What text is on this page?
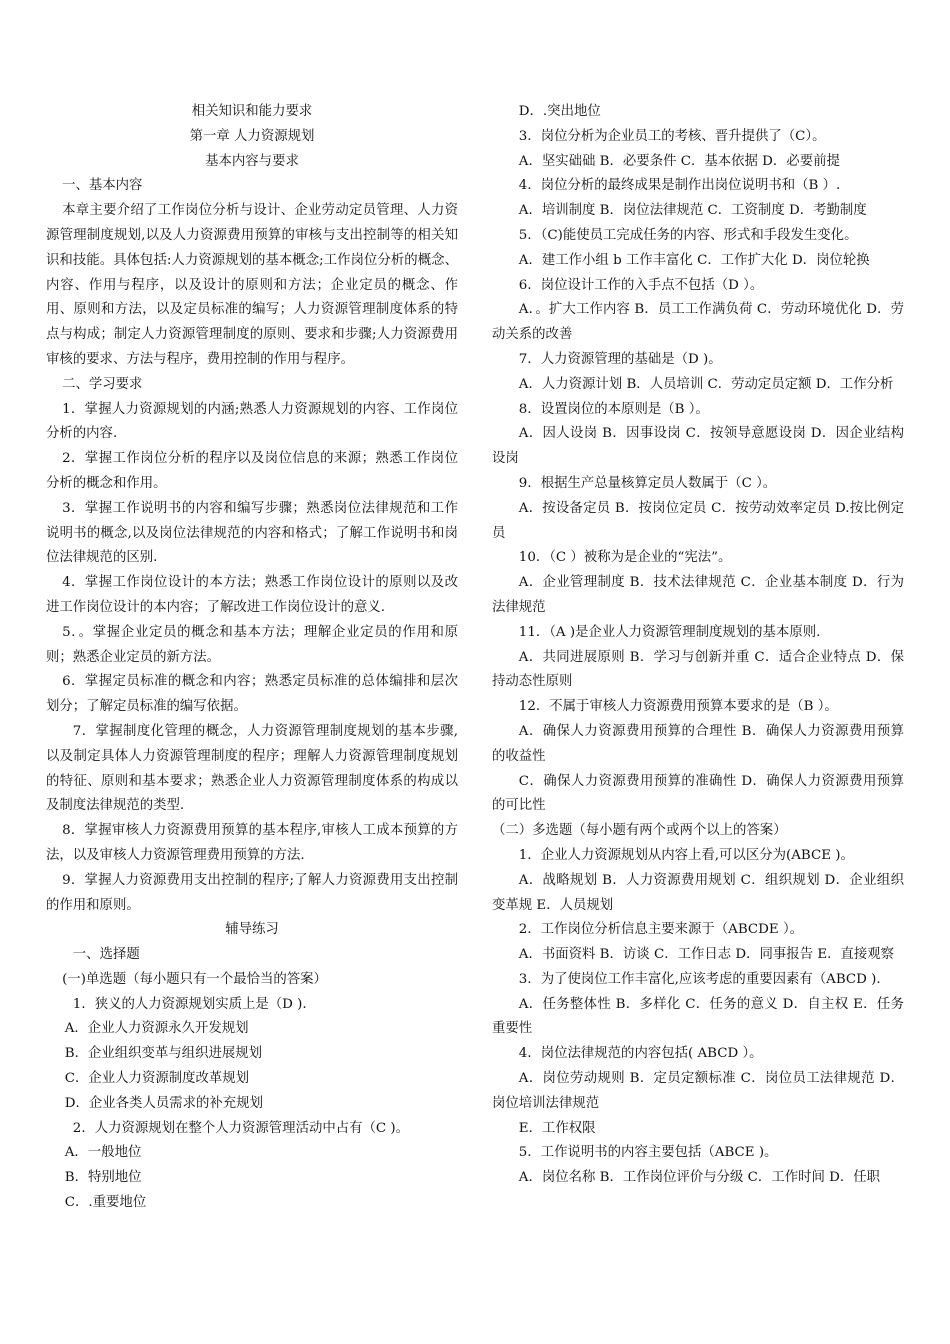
相关知识和能力要求
第一章 人力资源规划
基本内容与要求
一、基本内容
本章主要介绍了工作岗位分析与设计、企业劳动定员管理、人力资源管理制度规划,以及人力资源费用预算的审核与支出控制等的相关知识和技能。具体包括:人力资源规划的基本概念;工作岗位分析的概念、内容、作用与程序，以及设计的原则和方法；企业定员的概念、作用、原则和方法，以及定员标准的编写；人力资源管理制度体系的特点与构成；制定人力资源管理制度的原则、要求和步骤;人力资源费用审核的要求、方法与程序，费用控制的作用与程序。
二、学习要求
1．掌握人力资源规划的内涵;熟悉人力资源规划的内容、工作岗位分析的内容.
2．掌握工作岗位分析的程序以及岗位信息的来源；熟悉工作岗位分析的概念和作用。
3．掌握工作说明书的内容和编写步骤；熟悉岗位法律规范和工作说明书的概念,以及岗位法律规范的内容和格式；了解工作说明书和岗位法律规范的区别.
4．掌握工作岗位设计的本方法；熟悉工作岗位设计的原则以及改进工作岗位设计的本内容；了解改进工作岗位设计的意义.
5．。掌握企业定员的概念和基本方法；理解企业定员的作用和原则；熟悉企业定员的新方法。
6．掌握定员标准的概念和内容；熟悉定员标准的总体编排和层次划分；了解定员标准的编写依据。
7．掌握制度化管理的概念，人力资源管理制度规划的基本步骤,以及制定具体人力资源管理制度的程序；理解人力资源管理制度规划的特征、原则和基本要求；熟悉企业人力资源管理制度体系的构成以及制度法律规范的类型.
8．掌握审核人力资源费用预算的基本程序,审核人工成本预算的方法，以及审核人力资源管理费用预算的方法.
9．掌握人力资源费用支出控制的程序;了解人力资源费用支出控制的作用和原则。
辅导练习
一、选择题
(一)单选题（每小题只有一个最恰当的答案）
1．狭义的人力资源规划实质上是（D ).
A．企业人力资源永久开发规划
B．企业组织变革与组织进展规划
C．企业人力资源制度改革规划
D．企业各类人员需求的补充规划
2．人力资源规划在整个人力资源管理活动中占有（C )。
A．一般地位
B．特别地位
C．.重要地位
D．.突出地位
3．岗位分析为企业员工的考核、晋升提供了（C）。
A．坚实础础 B．必要条件 C．基本依据 D．必要前提
4．岗位分析的最终成果是制作出岗位说明书和（B ）.
A．培训制度 B．岗位法律规范 C．工资制度 D．考勤制度
5．（C)能使员工完成任务的内容、形式和手段发生变化。
A．建工作小组 b 工作丰富化 C．工作扩大化 D．岗位轮换
6．岗位设计工作的入手点不包括（D ）。
A．。扩大工作内容 B．员工工作满负荷 C．劳动环境优化 D．劳动关系的改善
7．人力资源管理的基础是（D )。
A．人力资源计划 B．人员培训 C．劳动定员定额 D．工作分析
8．设置岗位的本原则是（B ）。
A．因人设岗 B．因事设岗 C．按领导意愿设岗 D．因企业结构设岗
9．根据生产总量核算定员人数属于（C ）。
A．按设备定员 B．按岗位定员 C．按劳动效率定员 D.按比例定员
10．（C ）被称为是企业的“宪法”。
A．企业管理制度 B．技术法律规范 C．企业基本制度 D．行为法律规范
11．（A )是企业人力资源管理制度规划的基本原则.
A．共同进展原则 B．学习与创新并重 C．适合企业特点 D．保持动态性原则
12．不属于审核人力资源费用预算本要求的是（B ）。
A．确保人力资源费用预算的合理性 B．确保人力资源费用预算的收益性
C．确保人力资源费用预算的准确性 D．确保人力资源费用预算的可比性
（二）多选题（每小题有两个或两个以上的答案）
1．企业人力资源规划从内容上看,可以区分为(ABCE )。
A．战略规划 B．人力资源费用规划 C．组织规划 D．企业组织变革规 E．人员规划
2．工作岗位分析信息主要来源于（ABCDE ）。
A．书面资料 B．访谈 C．工作日志 D．同事报告 E．直接观察
3．为了使岗位工作丰富化,应该考虑的重要因素有（ABCD ).
A．任务整体性 B．多样化 C．任务的意义 D．自主权 E．任务重要性
4．岗位法律规范的内容包括( ABCD ）。
A．岗位劳动规则 B．定员定额标准 C．岗位员工法律规范 D．岗位培训法律规范
E．工作权限
5．工作说明书的内容主要包括（ABCE )。
A．岗位名称 B．工作岗位评价与分级 C．工作时间 D．任职
